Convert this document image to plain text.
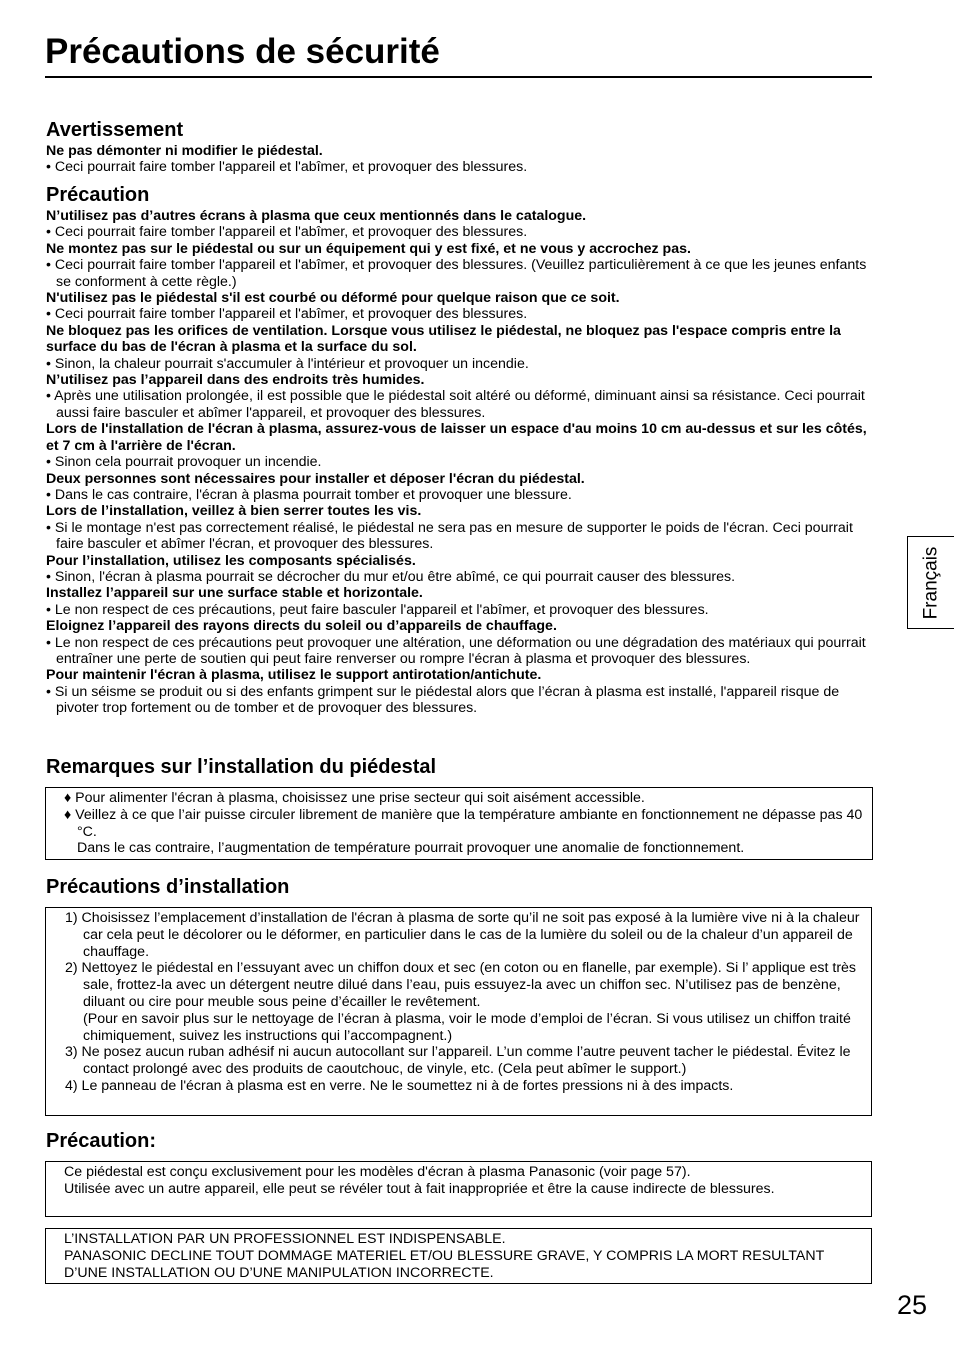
Précautions de sécurité
Français
Avertissement

Ne pas démonter ni modifier le piédestal.

• Ceci pourrait faire tomber l'appareil et l'abîmer, et provoquer des blessures.

Précaution

N’utilisez pas d’autres écrans à plasma que ceux mentionnés dans le catalogue.

• Ceci pourrait faire tomber l'appareil et l'abîmer, et provoquer des blessures.

Ne montez pas sur le piédestal ou sur un équipement qui y est fixé, et ne vous y accrochez pas.

• Ceci pourrait faire tomber l'appareil et l'abîmer, et provoquer des blessures. (Veuillez particulièrement à ce que les jeunes enfants se conforment à cette règle.)

N'utilisez pas le piédestal s'il est courbé ou déformé pour quelque raison que ce soit.

• Ceci pourrait faire tomber l'appareil et l'abîmer, et provoquer des blessures.

Ne bloquez pas les orifices de ventilation. Lorsque vous utilisez le piédestal, ne bloquez pas l'espace compris entre la surface du bas de l'écran à plasma et la surface du sol.

• Sinon, la chaleur pourrait s'accumuler à l'intérieur et provoquer un incendie.

N’utilisez pas l’appareil dans des endroits très humides.

• Après une utilisation prolongée, il est possible que le piédestal soit altéré ou déformé, diminuant ainsi sa résistance. Ceci pourrait aussi faire basculer et abîmer l'appareil, et provoquer des blessures.

Lors de l'installation de l'écran à plasma, assurez-vous de laisser un espace d'au moins 10 cm au-dessus et sur les côtés, et 7 cm à l'arrière de l'écran.

• Sinon cela pourrait provoquer un incendie.

Deux personnes sont nécessaires pour installer et déposer l'écran du piédestal.

• Dans le cas contraire, l'écran à plasma pourrait tomber et provoquer une blessure.

Lors de l’installation, veillez à bien serrer toutes les vis.

• Si le montage n'est pas correctement réalisé, le piédestal ne sera pas en mesure de supporter le poids de l'écran. Ceci pourrait faire basculer et abîmer l'écran, et provoquer des blessures.

Pour l’installation, utilisez les composants spécialisés.

• Sinon, l'écran à plasma pourrait se décrocher du mur et/ou être abîmé, ce qui pourrait causer des blessures.

Installez l’appareil sur une surface stable et horizontale.

• Le non respect de ces précautions, peut faire basculer l'appareil et l'abîmer, et provoquer des blessures.

Eloignez l’appareil des rayons directs du soleil ou d’appareils de chauffage.

• Le non respect de ces précautions peut provoquer une altération, une déformation ou une dégradation des matériaux qui pourrait entraîner une perte de soutien qui peut faire renverser ou rompre l'écran à plasma et provoquer des blessures.

Pour maintenir l'écran à plasma, utilisez le support antirotation/antichute.

• Si un séisme se produit ou si des enfants grimpent sur le piédestal alors que l’écran à plasma est installé, l'appareil risque de pivoter trop fortement ou de tomber et de provoquer des blessures.

Remarques sur l’installation du piédestal

♦ Pour alimenter l'écran à plasma, choisissez une prise secteur qui soit aisément accessible.

♦ Veillez à ce que l’air puisse circuler librement de manière que la température ambiante en fonctionnement ne dépasse pas 40 °C.

Dans le cas contraire, l’augmentation de température pourrait provoquer une anomalie de fonctionnement.

Précautions d’installation

1) Choisissez l’emplacement d’installation de l'écran à plasma de sorte qu’il ne soit pas exposé à la lumière vive ni à la chaleur car cela peut le décolorer ou le déformer, en particulier dans le cas de la lumière du soleil ou de la chaleur d’un appareil de chauffage.

2) Nettoyez le piédestal en l’essuyant avec un chiffon doux et sec (en coton ou en flanelle, par exemple). Si l’ applique est très sale, frottez-la avec un détergent neutre dilué dans l’eau, puis essuyez-la avec un chiffon sec. N’utilisez pas de benzène, diluant ou cire pour meuble sous peine d’écailler le revêtement.

(Pour en savoir plus sur le nettoyage de l’écran à plasma, voir le mode d’emploi de l’écran. Si vous utilisez un chiffon traité chimiquement, suivez les instructions qui l’accompagnent.)

3) Ne posez aucun ruban adhésif ni aucun autocollant sur l’appareil. L’un comme l’autre peuvent tacher le piédestal. Évitez le contact prolongé avec des produits de caoutchouc, de vinyle, etc. (Cela peut abîmer le support.)

4) Le panneau de l'écran à plasma est en verre. Ne le soumettez ni à de fortes pressions ni à des impacts.

Précaution:

Ce piédestal est conçu exclusivement pour les modèles d'écran à plasma Panasonic (voir page 57).

Utilisée avec un autre appareil, elle peut se révéler tout à fait inappropriée et être la cause indirecte de blessures.

L’INSTALLATION PAR UN PROFESSIONNEL EST INDISPENSABLE.

PANASONIC DECLINE TOUT DOMMAGE MATERIEL ET/OU BLESSURE GRAVE, Y COMPRIS LA MORT RESULTANT D’UNE INSTALLATION OU D’UNE MANIPULATION INCORRECTE.

25
